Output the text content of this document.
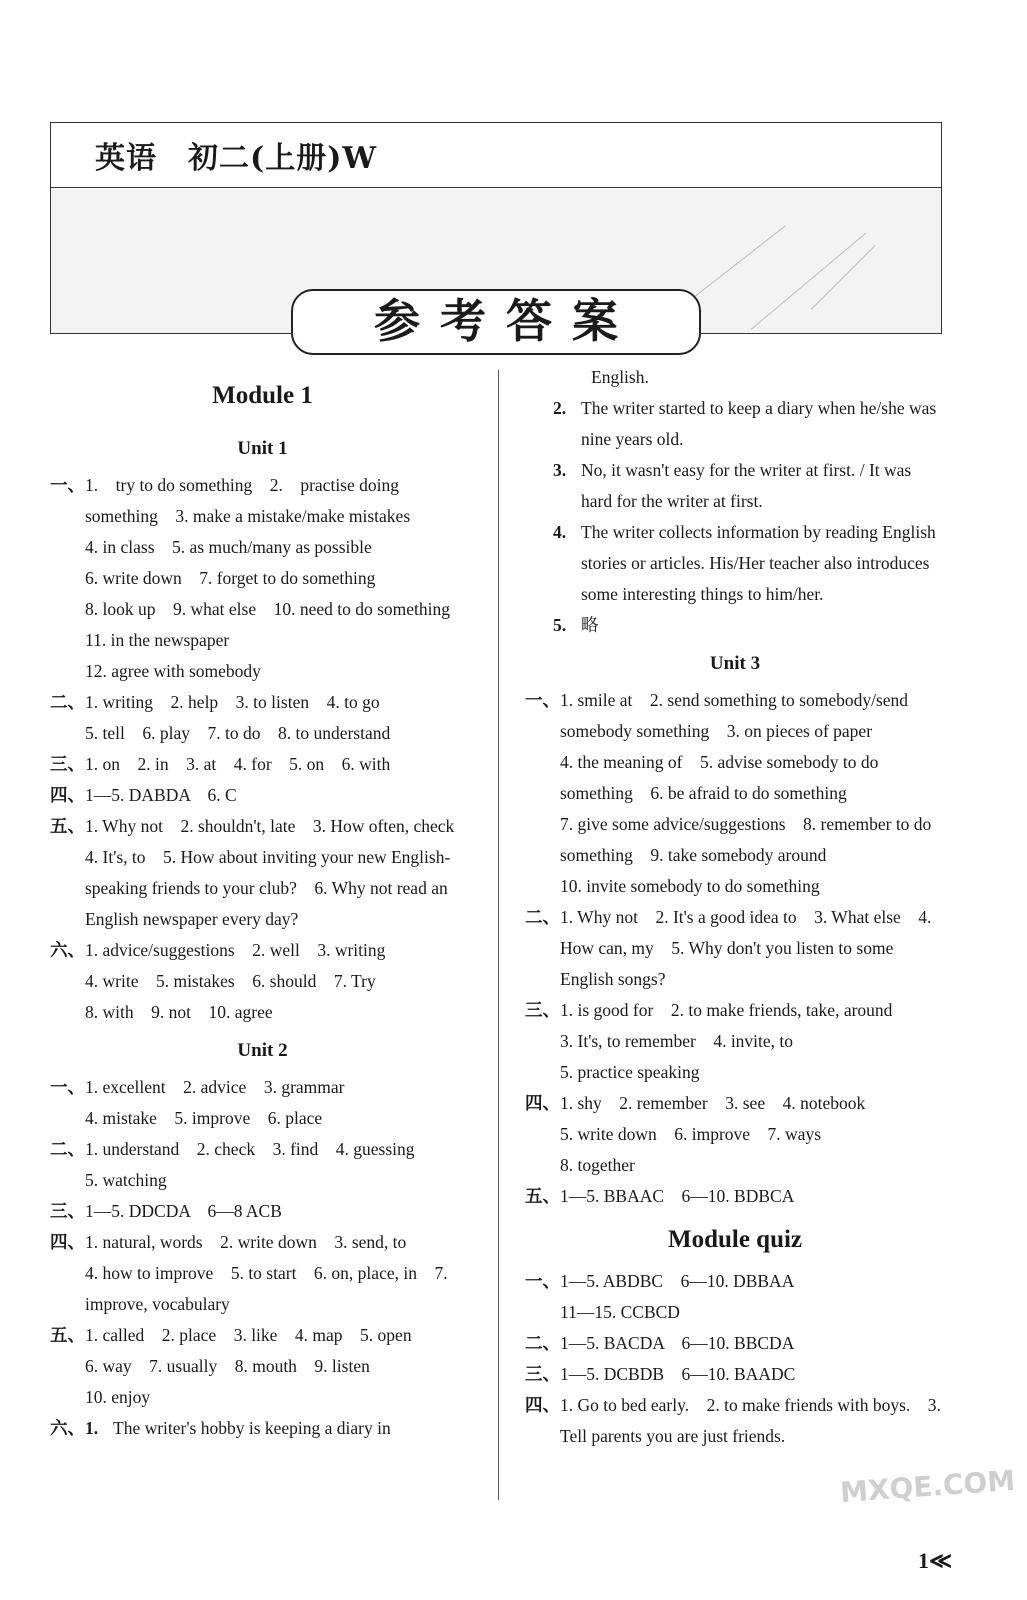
英语　初二(上册)W
参考答案
Module 1
Unit 1
一、 1.　try to do something　2.　practise doing something　3. make a mistake/make mistakes
4. in class　5. as much/many as possible
6. write down　7. forget to do something
8. look up　9. what else　10. need to do something　11. in the newspaper
12. agree with somebody
二、 1. writing　2. help　3. to listen　4. to go
5. tell　6. play　7. to do　8. to understand
三、 1. on　2. in　3. at　4. for　5. on　6. with
四、 1—5. DABDA　6. C
五、 1. Why not　2. shouldn't, late　3. How often, check　4. It's, to　5. How about inviting your new English-speaking friends to your club?　6. Why not read an English newspaper every day?
六、 1. advice/suggestions　2. well　3. writing
4. write　5. mistakes　6. should　7. Try
8. with　9. not　10. agree
Unit 2
一、 1. excellent　2. advice　3. grammar
4. mistake　5. improve　6. place
二、 1. understand　2. check　3. find　4. guessing
5. watching
三、 1—5. DDCDA　6—8 ACB
四、 1. natural, words　2. write down　3. send, to
4. how to improve　5. to start　6. on, place, in　7. improve, vocabulary
五、 1. called　2. place　3. like　4. map　5. open
6. way　7. usually　8. mouth　9. listen
10. enjoy
六、 1. The writer's hobby is keeping a diary in
English.
2. The writer started to keep a diary when he/she was nine years old.
3. No, it wasn't easy for the writer at first. / It was hard for the writer at first.
4. The writer collects information by reading English stories or articles. His/Her teacher also introduces some interesting things to him/her.
5. 略
Unit 3
一、 1. smile at　2. send something to somebody/send somebody something　3. on pieces of paper
4. the meaning of　5. advise somebody to do something　6. be afraid to do something
7. give some advice/suggestions　8. remember to do something　9. take somebody around
10. invite somebody to do something
二、 1. Why not　2. It's a good idea to　3. What else　4. How can, my　5. Why don't you listen to some English songs?
三、 1. is good for　2. to make friends, take, around
3. It's, to remember　4. invite, to
5. practice speaking
四、 1. shy　2. remember　3. see　4. notebook
5. write down　6. improve　7. ways
8. together
五、 1—5. BBAAC　6—10. BDBCA
Module quiz
一、 1—5. ABDBC　6—10. DBBAA
11—15. CCBCD
二、 1—5. BACDA　6—10. BBCDA
三、 1—5. DCBDB　6—10. BAADC
四、 1. Go to bed early.　2. to make friends with boys.　3. Tell parents you are just friends.
MXQE.COM
1≪
